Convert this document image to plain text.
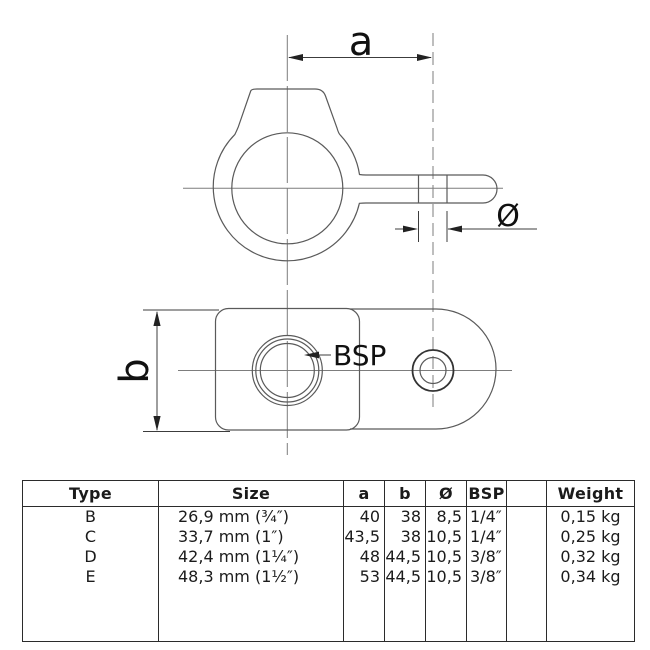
a
Ø
b	BSP
Type	Size	a	b	Ø	BSP		Weight
B	26,9 mm (¾″)	40	38	8,5	1/4″		0,15 kg
C	33,7 mm (1″)	43,5	38	10,5	1/4″		0,25 kg
D	42,4 mm (1¼″)	48	44,5	10,5	3/8″		0,32 kg
E	48,3 mm (1½″)	53	44,5	10,5	3/8″		0,34 kg
